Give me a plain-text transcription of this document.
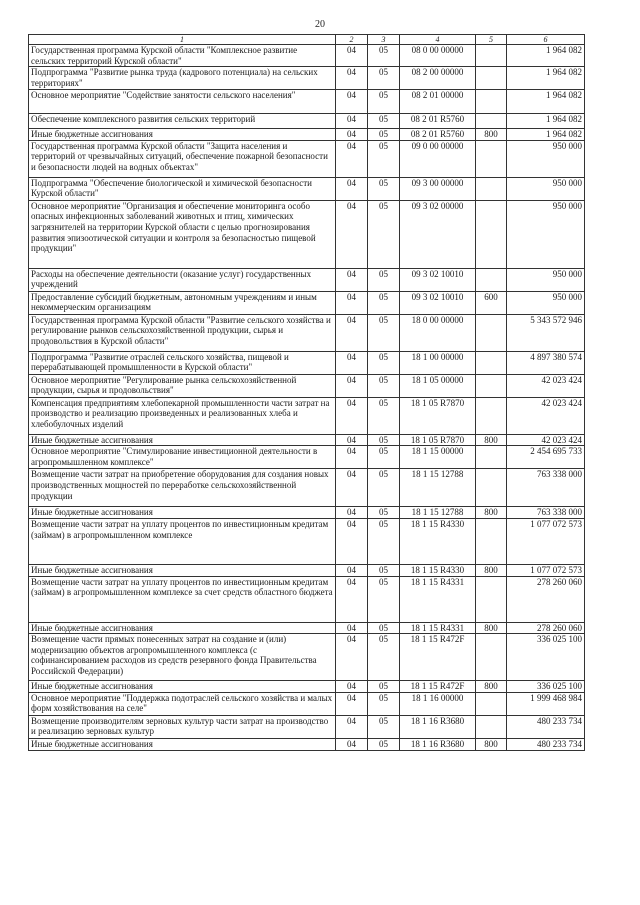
20
1	2	3	4	5	6
Государственная программа Курской области "Комплексное развитие сельских территорий Курской области"	04	05	08 0 00 00000		1 964 082
Подпрограмма "Развитие рынка труда (кадрового потенциала) на сельских территориях"	04	05	08 2 00 00000		1 964 082
Основное мероприятие "Содействие занятости сельского населения"	04	05	08 2 01 00000		1 964 082
Обеспечение комплексного развития сельских территорий	04	05	08 2 01 R5760		1 964 082
Иные бюджетные ассигнования	04	05	08 2 01 R5760	800	1 964 082
Государственная программа Курской области "Защита населения и территорий от чрезвычайных ситуаций, обеспечение пожарной безопасности и безопасности людей на водных объектах"	04	05	09 0 00 00000		950 000
Подпрограмма "Обеспечение биологической и химической безопасности Курской области"	04	05	09 3 00 00000		950 000
Основное мероприятие "Организация и обеспечение мониторинга особо опасных инфекционных заболеваний животных и птиц, химических загрязнителей на территории Курской области с целью прогнозирования развития эпизоотической ситуации и контроля за безопасностью пищевой продукции"	04	05	09 3 02 00000		950 000
Расходы на обеспечение деятельности (оказание услуг) государственных учреждений	04	05	09 3 02 10010		950 000
Предоставление субсидий бюджетным, автономным учреждениям и иным некоммерческим организациям	04	05	09 3 02 10010	600	950 000
Государственная программа Курской области "Развитие сельского хозяйства и регулирование рынков сельскохозяйственной продукции, сырья и продовольствия в Курской области"	04	05	18 0 00 00000		5 343 572 946
Подпрограмма "Развитие отраслей сельского хозяйства, пищевой и перерабатывающей промышленности в Курской области"	04	05	18 1 00 00000		4 897 380 574
Основное мероприятие "Регулирование рынка сельскохозяйственной продукции, сырья и продовольствия"	04	05	18 1 05 00000		42 023 424
Компенсация предприятиям хлебопекарной промышленности части затрат на производство и реализацию произведенных и реализованных хлеба и хлебобулочных изделий	04	05	18 1 05 R7870		42 023 424
Иные бюджетные ассигнования	04	05	18 1 05 R7870	800	42 023 424
Основное мероприятие "Стимулирование инвестиционной деятельности в агропромышленном комплексе"	04	05	18 1 15 00000		2 454 695 733
Возмещение части затрат на приобретение оборудования для создания новых производственных мощностей по переработке сельскохозяйственной продукции	04	05	18 1 15 12788		763 338 000
Иные бюджетные ассигнования	04	05	18 1 15 12788	800	763 338 000
Возмещение части затрат на уплату процентов по инвестиционным кредитам (займам) в агропромышленном комплексе	04	05	18 1 15 R4330		1 077 072 573
Иные бюджетные ассигнования	04	05	18 1 15 R4330	800	1 077 072 573
Возмещение части затрат на уплату процентов по инвестиционным кредитам (займам) в агропромышленном комплексе за счет средств областного бюджета	04	05	18 1 15 R4331		278 260 060
Иные бюджетные ассигнования	04	05	18 1 15 R4331	800	278 260 060
Возмещение части прямых понесенных затрат на создание и (или) модернизацию объектов агропромышленного комплекса (с софинансированием расходов из средств резервного фонда Правительства Российской Федерации)	04	05	18 1 15 R472F		336 025 100
Иные бюджетные ассигнования	04	05	18 1 15 R472F	800	336 025 100
Основное мероприятие "Поддержка подотраслей сельского хозяйства и малых форм хозяйствования на селе"	04	05	18 1 16 00000		1 999 468 984
Возмещение производителям зерновых культур части затрат на производство и реализацию зерновых культур	04	05	18 1 16 R3680		480 233 734
Иные бюджетные ассигнования	04	05	18 1 16 R3680	800	480 233 734
